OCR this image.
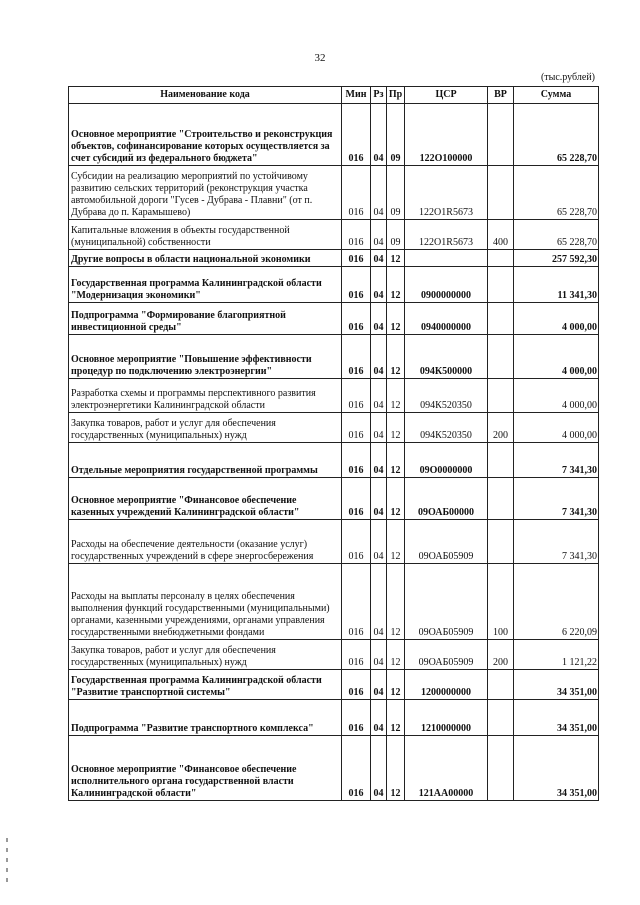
32
(тыс.рублей)
Наименование кода	Мин	Рз	Пр	ЦСР	ВР	Сумма
Основное мероприятие "Строительство и реконструкция объектов, софинансирование которых осуществляется за счет субсидий из федерального бюджета"	016	04	09	122О100000		65 228,70
Субсидии на реализацию мероприятий по устойчивому развитию сельских территорий (реконструкция участка автомобильной дороги "Гусев - Дубрава - Плавни" (от п. Дубрава до п. Карамышево)	016	04	09	122О1R5673		65 228,70
Капитальные вложения в объекты государственной (муниципальной) собственности	016	04	09	122О1R5673	400	65 228,70
Другие вопросы в области национальной экономики	016	04	12			257 592,30
Государственная программа Калининградской области "Модернизация экономики"	016	04	12	0900000000		11 341,30
Подпрограмма "Формирование благоприятной инвестиционной среды"	016	04	12	0940000000		4 000,00
Основное мероприятие "Повышение эффективности процедур по подключению электроэнергии"	016	04	12	094К500000		4 000,00
Разработка схемы и программы перспективного развития электроэнергетики Калининградской области	016	04	12	094К520350		4 000,00
Закупка товаров, работ и услуг для обеспечения государственных (муниципальных) нужд	016	04	12	094К520350	200	4 000,00
Отдельные мероприятия государственной программы	016	04	12	09О0000000		7 341,30
Основное мероприятие "Финансовое обеспечение казенных учреждений Калининградской области"	016	04	12	09ОАБ00000		7 341,30
Расходы на обеспечение деятельности (оказание услуг) государственных учреждений в сфере энергосбережения	016	04	12	09ОАБ05909		7 341,30
Расходы на выплаты персоналу в целях обеспечения выполнения функций государственными (муниципальными) органами, казенными учреждениями, органами управления государственными внебюджетными фондами	016	04	12	09ОАБ05909	100	6 220,09
Закупка товаров, работ и услуг для обеспечения государственных (муниципальных) нужд	016	04	12	09ОАБ05909	200	1 121,22
Государственная программа Калининградской области "Развитие транспортной системы"	016	04	12	1200000000		34 351,00
Подпрограмма "Развитие транспортного комплекса"	016	04	12	1210000000		34 351,00
Основное мероприятие "Финансовое обеспечение исполнительного органа государственной власти Калининградской области"	016	04	12	121АА00000		34 351,00
